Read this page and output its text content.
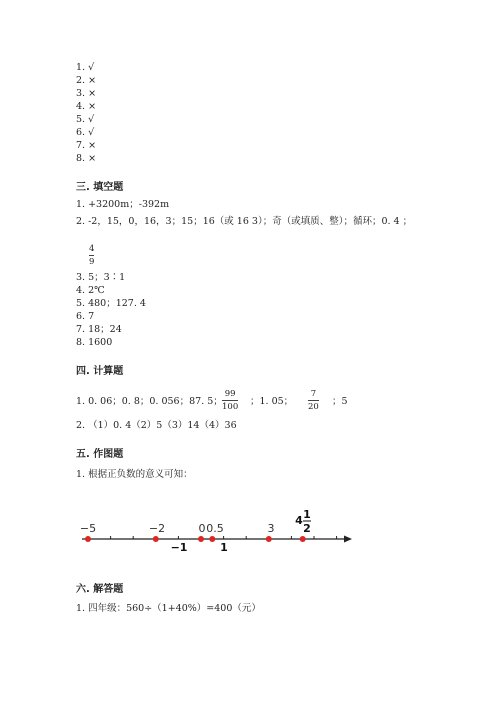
1. √
2. ×
3. ×
4. ×
5. √
6. √
7. ×
8. ×
三. 填空题
1. +3200m；-392m
2. -2，15，0，16，3；15；16（或 16 3）；奇（或填质、整）；循环；0. 4 ；
4
9
3. 5；3∶1
4. 2℃
5. 480；127. 4
6. 7
7. 18；24
8. 1600
四. 计算题
1. 0. 06；0. 8；0. 056；87. 5；
99
100 ；1. 05；
7
20 ；5
2. （1）0. 4（2）5（3）14（4）36
五. 作图题
1. 根据正负数的意义可知：
−5	−2	0 0.5	3
4 1
2
−1	1
六. 解答题
1. 四年级：560÷（1+40%）=400（元）
